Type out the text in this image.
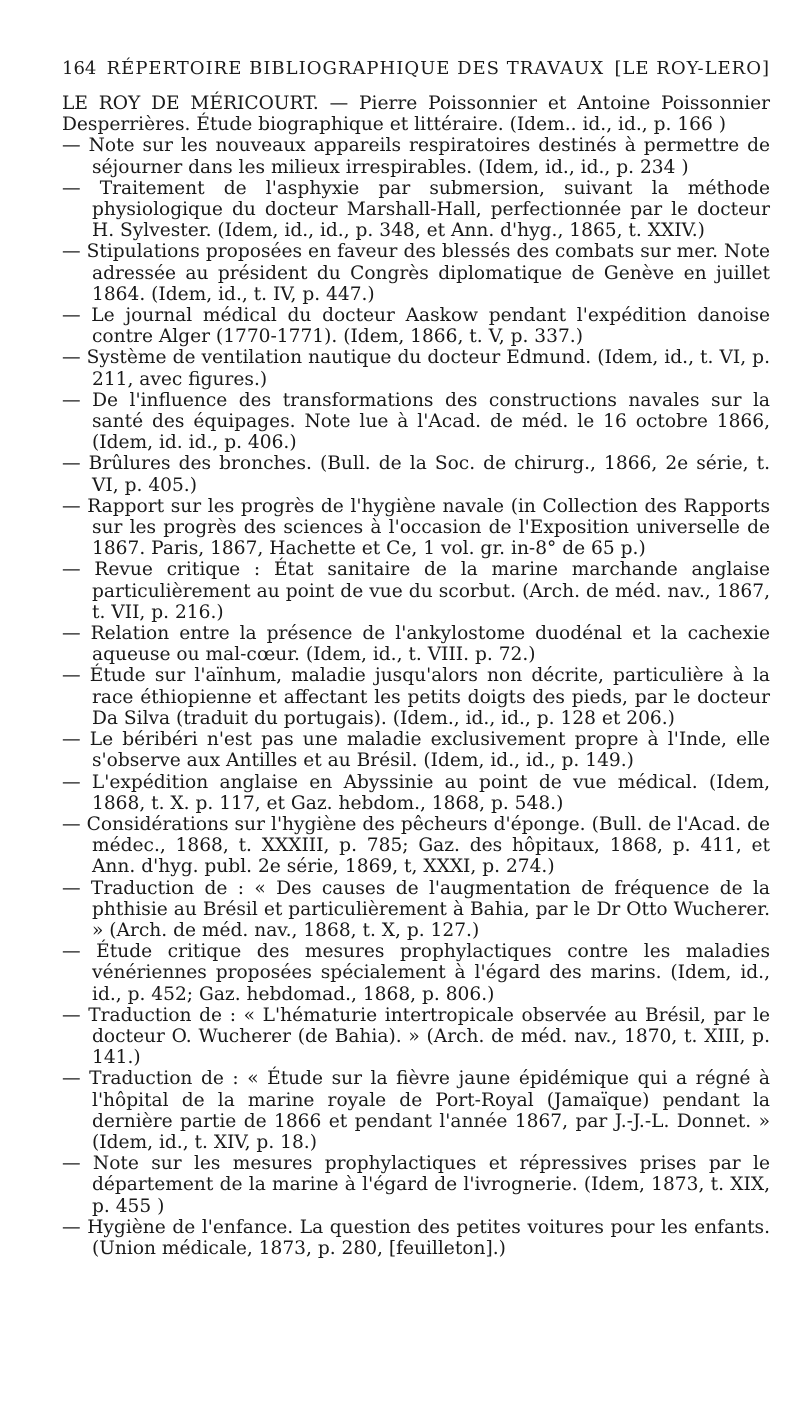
164 RÉPERTOIRE BIBLIOGRAPHIQUE DES TRAVAUX [LE ROY-LERO]
LE ROY DE MÉRICOURT. — Pierre Poissonnier et Antoine Poissonnier Desperrières. Étude biographique et littéraire. (Idem.. id., id., p. 166 )
— Note sur les nouveaux appareils respiratoires destinés à permettre de séjourner dans les milieux irrespirables. (Idem, id., id., p. 234 )
— Traitement de l'asphyxie par submersion, suivant la méthode physiologique du docteur Marshall-Hall, perfectionnée par le docteur H. Sylvester. (Idem, id., id., p. 348, et Ann. d'hyg., 1865, t. XXIV.)
— Stipulations proposées en faveur des blessés des combats sur mer. Note adressée au président du Congrès diplomatique de Genève en juillet 1864. (Idem, id., t. IV, p. 447.)
— Le journal médical du docteur Aaskow pendant l'expédition danoise contre Alger (1770-1771). (Idem, 1866, t. V, p. 337.)
— Système de ventilation nautique du docteur Edmund. (Idem, id., t. VI, p. 211, avec figures.)
— De l'influence des transformations des constructions navales sur la santé des équipages. Note lue à l'Acad. de méd. le 16 octobre 1866, (Idem, id. id., p. 406.)
— Brûlures des bronches. (Bull. de la Soc. de chirurg., 1866, 2e série, t. VI, p. 405.)
— Rapport sur les progrès de l'hygiène navale (in Collection des Rapports sur les progrès des sciences à l'occasion de l'Exposition universelle de 1867. Paris, 1867, Hachette et Ce, 1 vol. gr. in-8° de 65 p.)
— Revue critique : État sanitaire de la marine marchande anglaise particulièrement au point de vue du scorbut. (Arch. de méd. nav., 1867, t. VII, p. 216.)
— Relation entre la présence de l'ankylostome duodénal et la cachexie aqueuse ou mal-cœur. (Idem, id., t. VIII. p. 72.)
— Étude sur l'aïnhum, maladie jusqu'alors non décrite, particulière à la race éthiopienne et affectant les petits doigts des pieds, par le docteur Da Silva (traduit du portugais). (Idem., id., id., p. 128 et 206.)
— Le béribéri n'est pas une maladie exclusivement propre à l'Inde, elle s'observe aux Antilles et au Brésil. (Idem, id., id., p. 149.)
— L'expédition anglaise en Abyssinie au point de vue médical. (Idem, 1868, t. X. p. 117, et Gaz. hebdom., 1868, p. 548.)
— Considérations sur l'hygiène des pêcheurs d'éponge. (Bull. de l'Acad. de médec., 1868, t. XXXIII, p. 785; Gaz. des hôpitaux, 1868, p. 411, et Ann. d'hyg. publ. 2e série, 1869, t, XXXI, p. 274.)
— Traduction de : « Des causes de l'augmentation de fréquence de la phthisie au Brésil et particulièrement à Bahia, par le Dr Otto Wucherer. » (Arch. de méd. nav., 1868, t. X, p. 127.)
— Étude critique des mesures prophylactiques contre les maladies vénériennes proposées spécialement à l'égard des marins. (Idem, id., id., p. 452; Gaz. hebdomad., 1868, p. 806.)
— Traduction de : « L'hématurie intertropicale observée au Brésil, par le docteur O. Wucherer (de Bahia). » (Arch. de méd. nav., 1870, t. XIII, p. 141.)
— Traduction de : « Étude sur la fièvre jaune épidémique qui a régné à l'hôpital de la marine royale de Port-Royal (Jamaïque) pendant la dernière partie de 1866 et pendant l'année 1867, par J.-J.-L. Donnet. » (Idem, id., t. XIV, p. 18.)
— Note sur les mesures prophylactiques et répressives prises par le département de la marine à l'égard de l'ivrognerie. (Idem, 1873, t. XIX, p. 455 )
— Hygiène de l'enfance. La question des petites voitures pour les enfants. (Union médicale, 1873, p. 280, [feuilleton].)
